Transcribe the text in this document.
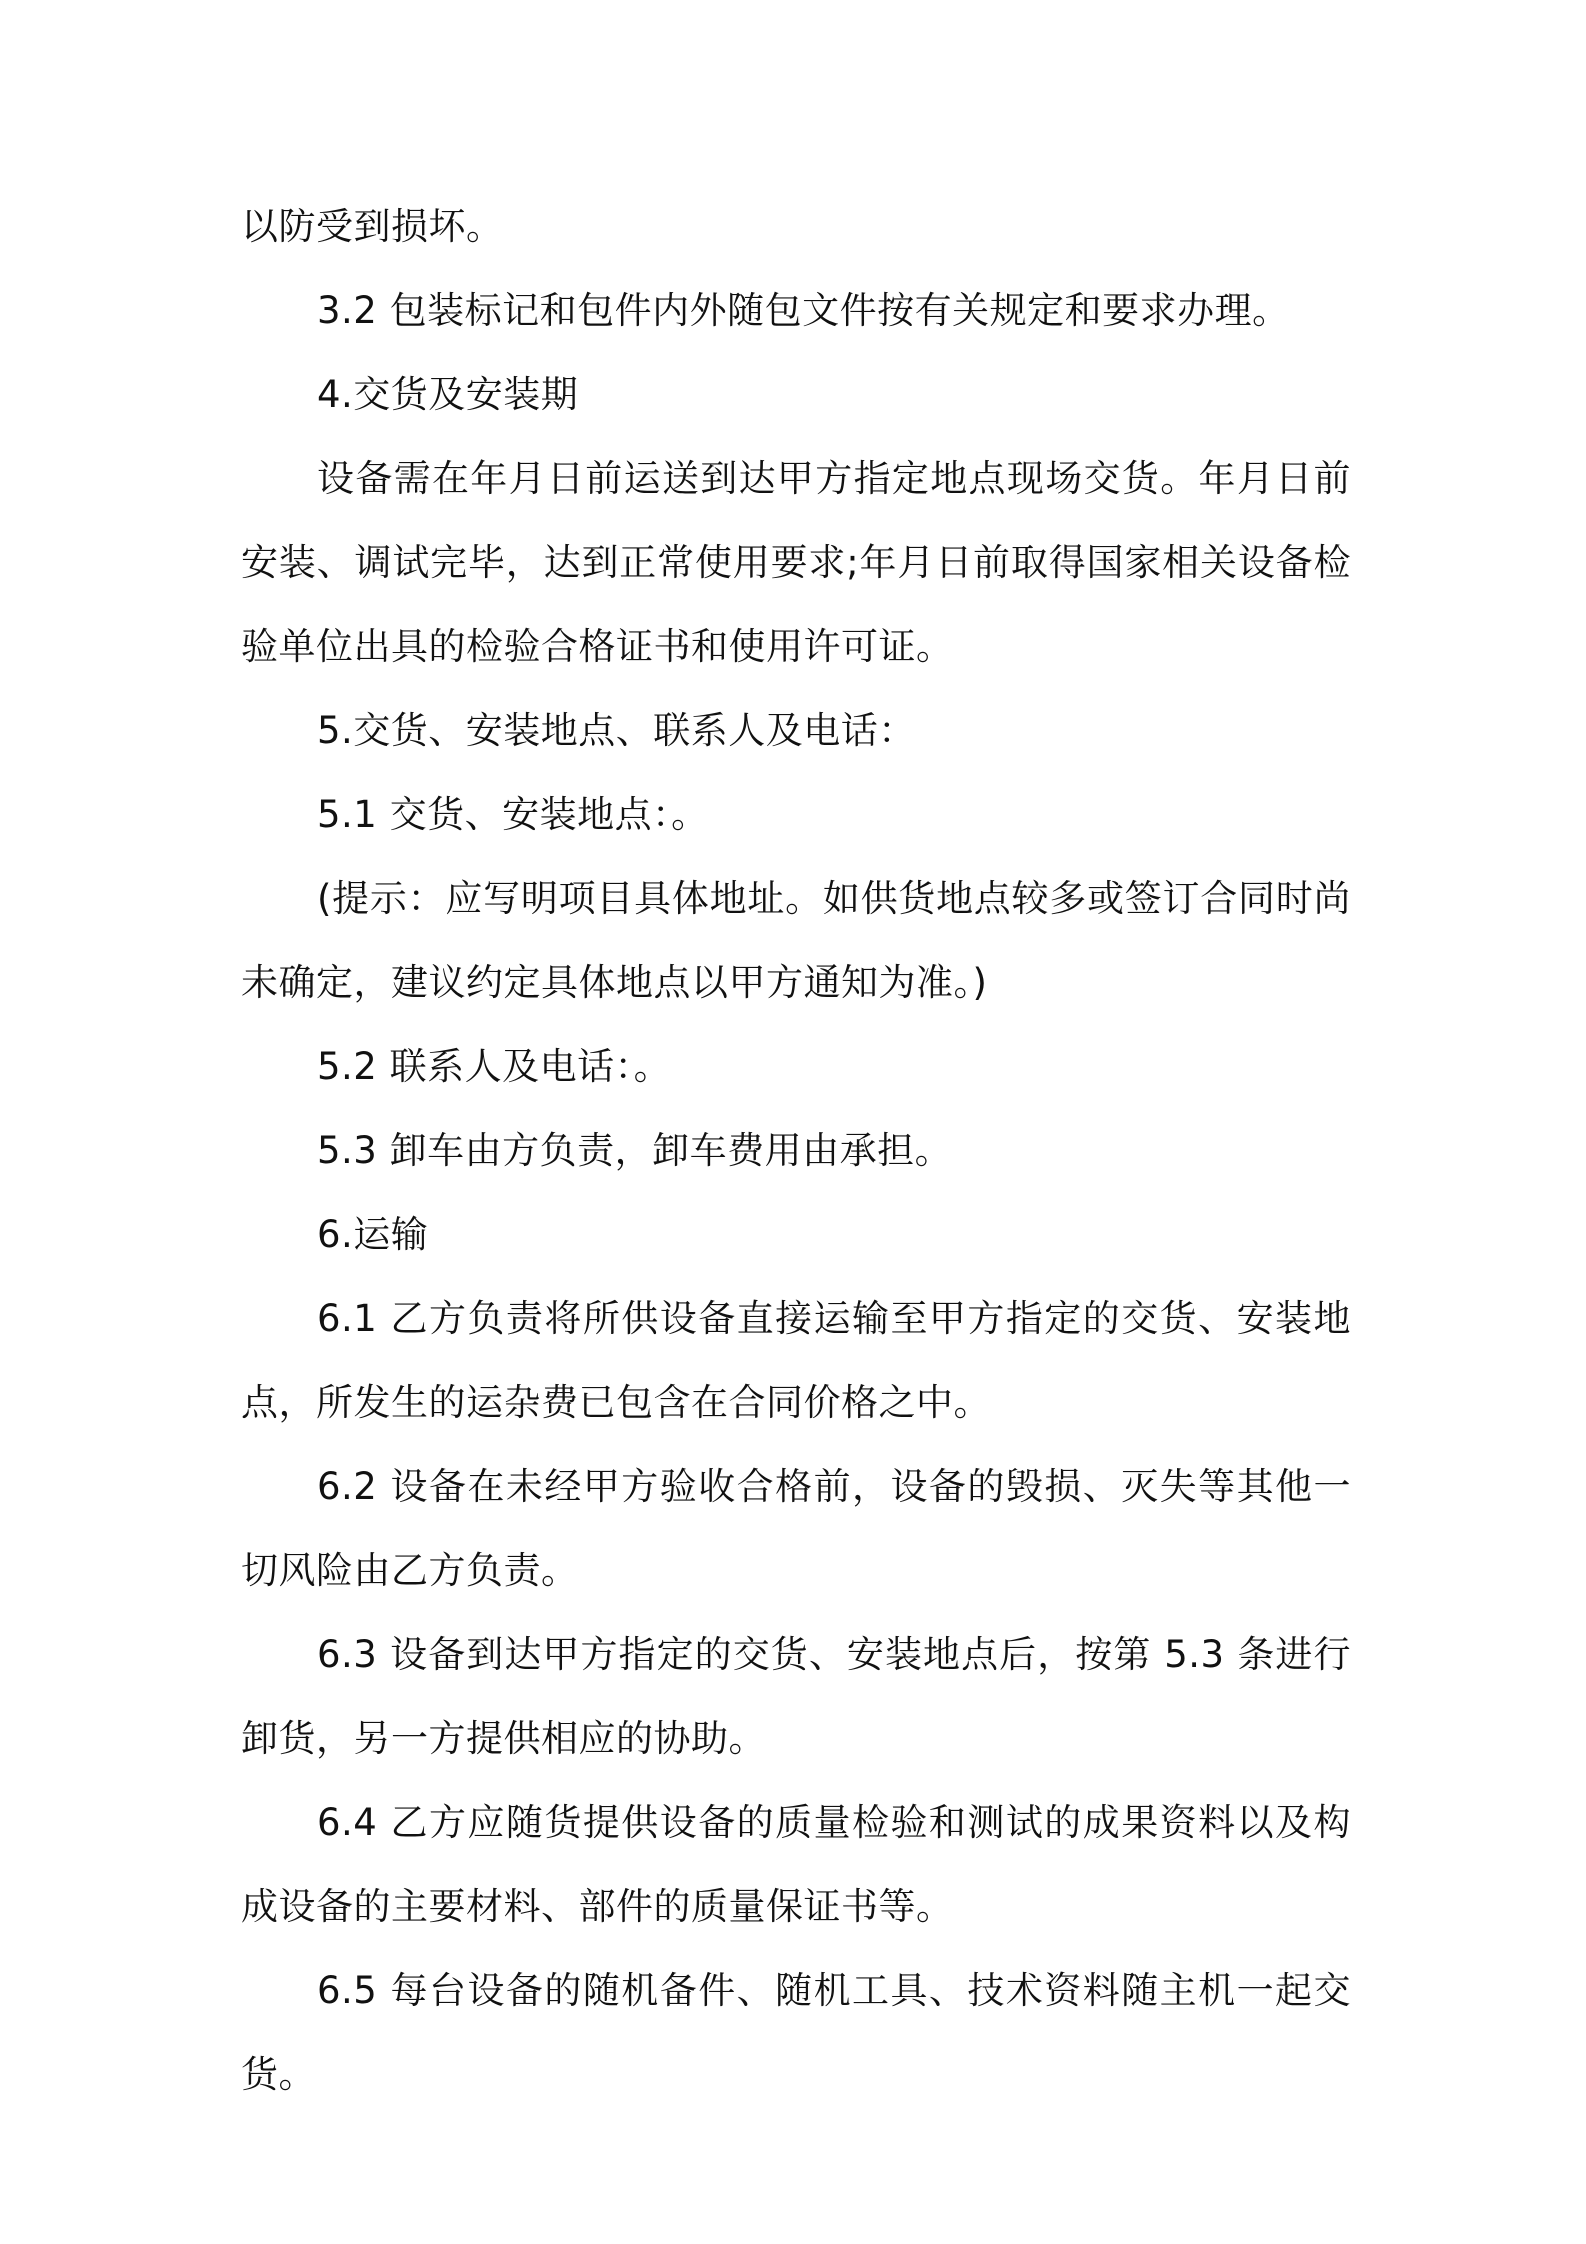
以防受到损坏。

3.2 包装标记和包件内外随包文件按有关规定和要求办理。

4.交货及安装期

设备需在年月日前运送到达甲方指定地点现场交货。年月日前安装、调试完毕，达到正常使用要求;年月日前取得国家相关设备检验单位出具的检验合格证书和使用许可证。

5.交货、安装地点、联系人及电话：

5.1 交货、安装地点：。

(提示：应写明项目具体地址。如供货地点较多或签订合同时尚未确定，建议约定具体地点以甲方通知为准。)

5.2 联系人及电话：。

5.3 卸车由方负责，卸车费用由承担。

6.运输

6.1 乙方负责将所供设备直接运输至甲方指定的交货、安装地点，所发生的运杂费已包含在合同价格之中。

6.2 设备在未经甲方验收合格前，设备的毁损、灭失等其他一切风险由乙方负责。

6.3 设备到达甲方指定的交货、安装地点后，按第 5.3 条进行卸货，另一方提供相应的协助。

6.4 乙方应随货提供设备的质量检验和测试的成果资料以及构成设备的主要材料、部件的质量保证书等。

6.5 每台设备的随机备件、随机工具、技术资料随主机一起交货。
